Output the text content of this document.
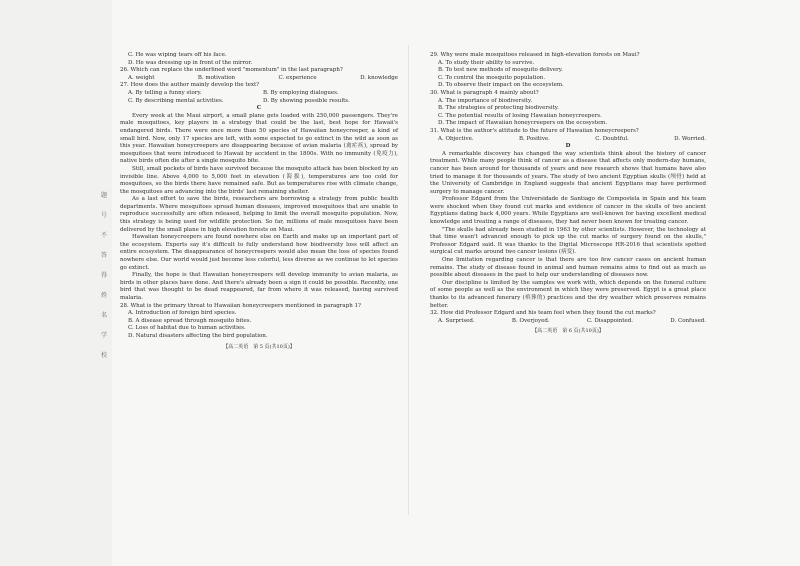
题
号
不
答
得
姓
名
学
校
C. He was wiping tears off his face.
D. He was dressing up in front of the mirror.
26. Which can replace the underlined word "momentum" in the last paragraph?
A. weight	B. motivation	C. experience	D. knowledge
27. How does the author mainly develop the text?
A. By telling a funny story.	B. By employing dialogues.
C. By describing mental activities.	D. By showing possible results.
C

Every week at the Maui airport, a small plane gets loaded with 250,000 passengers. They're male mosquitoes, key players in a strategy that could be the last, best hope for Hawaii's endangered birds. There were once more than 50 species of Hawaiian honeycreeper, a kind of small bird. Now, only 17 species are left, with some expected to go extinct in the wild as soon as this year. Hawaiian honeycreepers are disappearing because of avian malaria (禽疟疾), spread by mosquitoes that were introduced to Hawaii by accident in the 1800s. With no immunity (免疫力), native birds often die after a single mosquito bite.

Still, small pockets of birds have survived because the mosquito attack has been blocked by an invisible line. Above 4,000 to 5,000 feet in elevation (海拔), temperatures are too cold for mosquitoes, so the birds there have remained safe. But as temperatures rise with climate change, the mosquitoes are advancing into the birds' last remaining shelter.

As a last effort to save the birds, researchers are borrowing a strategy from public health departments. Where mosquitoes spread human diseases, improved mosquitoes that are unable to reproduce successfully are often released, helping to limit the overall mosquito population. Now, this strategy is being used for wildlife protection. So far, millions of male mosquitoes have been delivered by the small plane in high elevation forests on Maui.

Hawaiian honeycreepers are found nowhere else on Earth and make up an important part of the ecosystem. Experts say it's difficult to fully understand how biodiversity loss will affect an entire ecosystem. The disappearance of honeycreepers would also mean the loss of species found nowhere else. Our world would just become less colorful, less diverse as we continue to let species go extinct.

Finally, the hope is that Hawaiian honeycreepers will develop immunity to avian malaria, as birds in other places have done. And there's already been a sign it could be possible. Recently, one bird that was thought to be dead reappeared, far from where it was released, having survived malaria.

28. What is the primary threat to Hawaiian honeycreepers mentioned in paragraph 1?
A. Introduction of foreign bird species.
B. A disease spread through mosquito bites.
C. Loss of habitat due to human activities.
D. Natural disasters affecting the bird population.
【高二英语　第 5 页(共10页)】
29. Why were male mosquitoes released in high-elevation forests on Maui?
A. To study their ability to survive.
B. To test new methods of mosquito delivery.
C. To control the mosquito population.
D. To observe their impact on the ecosystem.
30. What is paragraph 4 mainly about?
A. The importance of biodiversity.
B. The strategies of protecting biodiversity.
C. The potential results of losing Hawaiian honeycreepers.
D. The impact of Hawaiian honeycreepers on the ecosystem.
31. What is the author's attitude to the future of Hawaiian honeycreepers?
A. Objective.	B. Positive.	C. Doubtful.	D. Worried.
D

A remarkable discovery has changed the way scientists think about the history of cancer treatment. While many people think of cancer as a disease that affects only modern-day humans, cancer has been around for thousands of years and new research shows that humans have also tried to manage it for thousands of years. The study of two ancient Egyptian skulls (颅骨) held at the University of Cambridge in England suggests that ancient Egyptians may have performed surgery to manage cancer.

Professor Edgard from the Universidade de Santiago de Compostela in Spain and his team were shocked when they found cut marks and evidence of cancer in the skulls of two ancient Egyptians dating back 4,000 years. While Egyptians are well-known for having excellent medical knowledge and treating a range of diseases, they had never been known for treating cancer.

"The skulls had already been studied in 1963 by other scientists. However, the technology at that time wasn't advanced enough to pick up the cut marks of surgery found on the skulls," Professor Edgard said. It was thanks to the Digital Microscope HR-2016 that scientists spotted surgical cut marks around two cancer lesions (病变).

One limitation regarding cancer is that there are too few cancer cases on ancient human remains. The study of disease found in animal and human remains aims to find out as much as possible about diseases in the past to help our understanding of diseases now.

Our discipline is limited by the samples we work with, which depends on the funeral culture of some people as well as the environment in which they were preserved. Egypt is a great place thanks to its advanced funerary (殡葬的) practices and the dry weather which preserves remains better.

32. How did Professor Edgard and his team feel when they found the cut marks?
A. Surprised.	B. Overjoyed.	C. Disappointed.	D. Confused.
【高二英语　第 6 页(共10页)】
